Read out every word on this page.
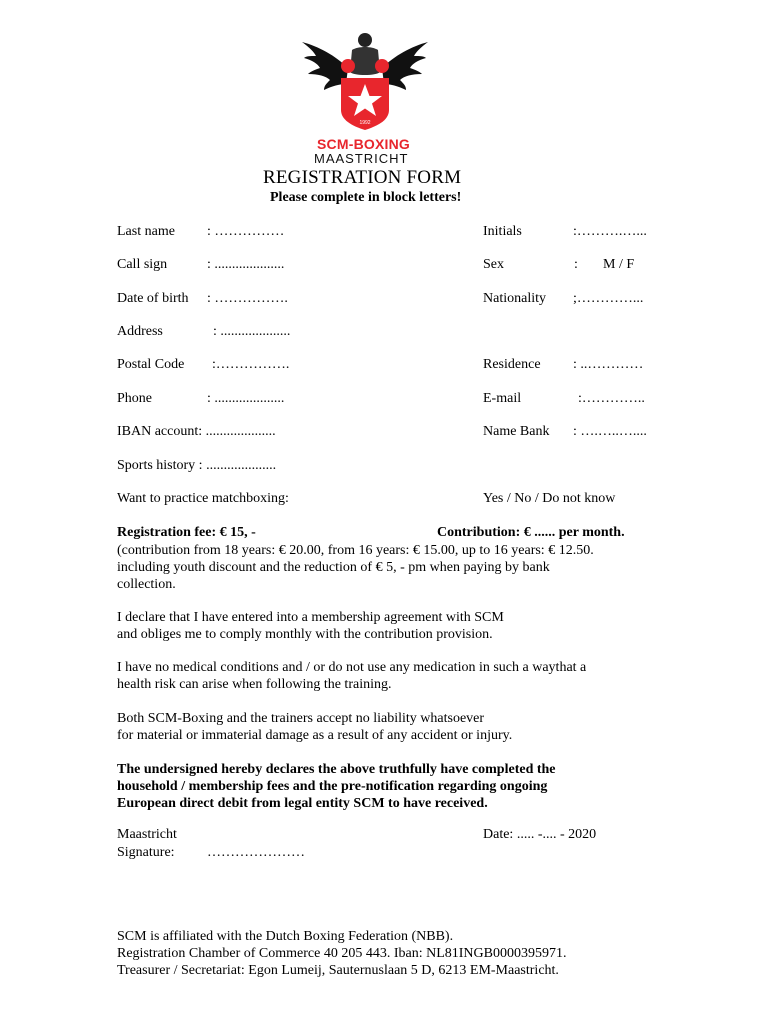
1992
SCM-BOXING
MAASTRICHT
REGISTRATION FORM
Please complete in block letters!
Last name : ……………	Initials	:……….…...
Call sign	: ....................	Sex	: M / F
Date of birth : …………….	Nationality ;…………...
Address	: ....................
Postal Code :…………….	Residence : ..…………
Phone	: ....................	E-mail	:…………..
IBAN account: ....................	Name Bank : ….…..…....
Sports history : ....................
Want to practice matchboxing:	Yes / No / Do not know
Registration fee: € 15, -	Contribution: € ...... per month.
(contribution from 18 years: € 20.00, from 16 years: € 15.00, up to 16 years: € 12.50.
including youth discount and the reduction of € 5, - pm when paying by bank
collection.
I declare that I have entered into a membership agreement with SCM
and obliges me to comply monthly with the contribution provision.
I have no medical conditions and / or do not use any medication in such a waythat a
health risk can arise when following the training.
Both SCM-Boxing and the trainers accept no liability whatsoever
for material or immaterial damage as a result of any accident or injury.
The undersigned hereby declares the above truthfully have completed the
household / membership fees and the pre-notification regarding ongoing
European direct debit from legal entity SCM to have received.
Maastricht	Date: ..... -.... - 2020
Signature: …………………
SCM is affiliated with the Dutch Boxing Federation (NBB).
Registration Chamber of Commerce 40 205 443. Iban: NL81INGB0000395971.
Treasurer / Secretariat: Egon Lumeij, Sauternuslaan 5 D, 6213 EM-Maastricht.
